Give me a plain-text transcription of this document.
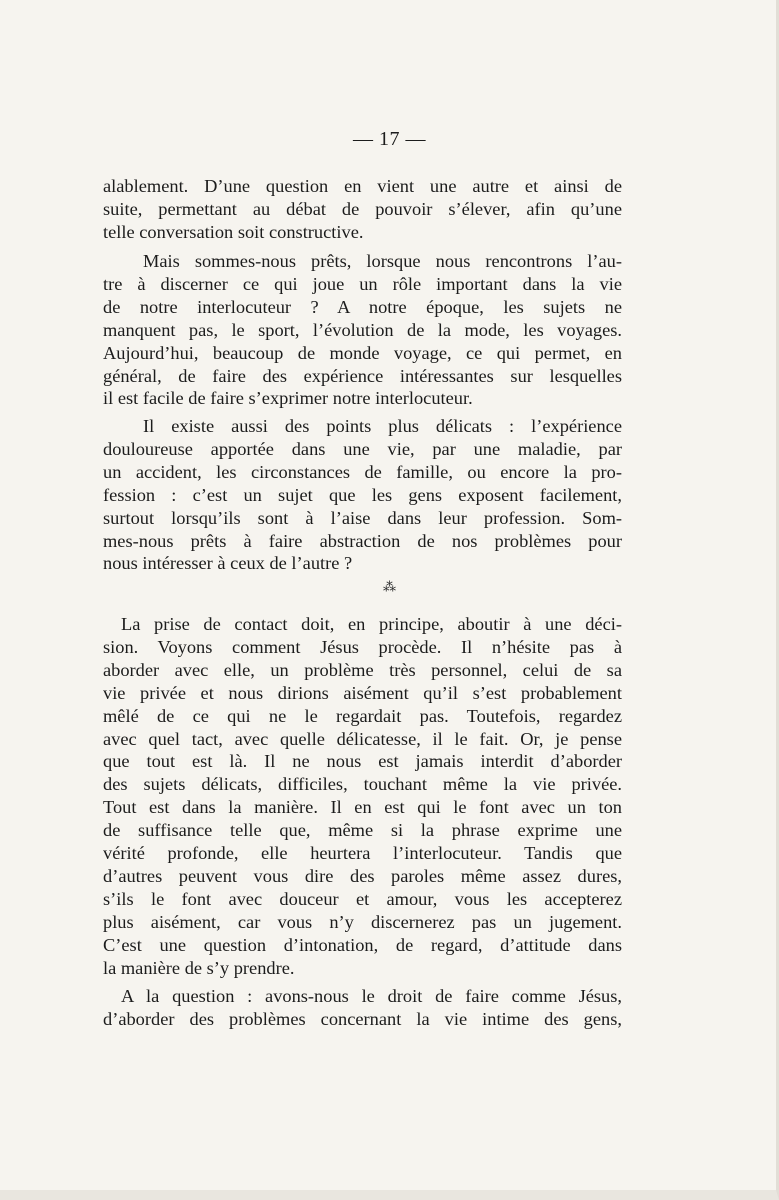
— 17 —
alablement. D’une question en vient une autre et ainsi de
suite, permettant au débat de pouvoir s’élever, afin qu’une
telle conversation soit constructive.
Mais sommes-nous prêts, lorsque nous rencontrons l’au-
tre à discerner ce qui joue un rôle important dans la vie
de notre interlocuteur ? A notre époque, les sujets ne
manquent pas, le sport, l’évolution de la mode, les voyages.
Aujourd’hui, beaucoup de monde voyage, ce qui permet, en
général, de faire des expérience intéressantes sur lesquelles
il est facile de faire s’exprimer notre interlocuteur.
Il existe aussi des points plus délicats : l’expérience
douloureuse apportée dans une vie, par une maladie, par
un accident, les circonstances de famille, ou encore la pro-
fession : c’est un sujet que les gens exposent facilement,
surtout lorsqu’ils sont à l’aise dans leur profession. Som-
mes-nous prêts à faire abstraction de nos problèmes pour
nous intéresser à ceux de l’autre ?
⁂
La prise de contact doit, en principe, aboutir à une déci-
sion. Voyons comment Jésus procède. Il n’hésite pas à
aborder avec elle, un problème très personnel, celui de sa
vie privée et nous dirions aisément qu’il s’est probablement
mêlé de ce qui ne le regardait pas. Toutefois, regardez
avec quel tact, avec quelle délicatesse, il le fait. Or, je pense
que tout est là. Il ne nous est jamais interdit d’aborder
des sujets délicats, difficiles, touchant même la vie privée.
Tout est dans la manière. Il en est qui le font avec un ton
de suffisance telle que, même si la phrase exprime une
vérité profonde, elle heurtera l’interlocuteur. Tandis que
d’autres peuvent vous dire des paroles même assez dures,
s’ils le font avec douceur et amour, vous les accepterez
plus aisément, car vous n’y discernerez pas un jugement.
C’est une question d’intonation, de regard, d’attitude dans
la manière de s’y prendre.
A la question : avons-nous le droit de faire comme Jésus,
d’aborder des problèmes concernant la vie intime des gens,
